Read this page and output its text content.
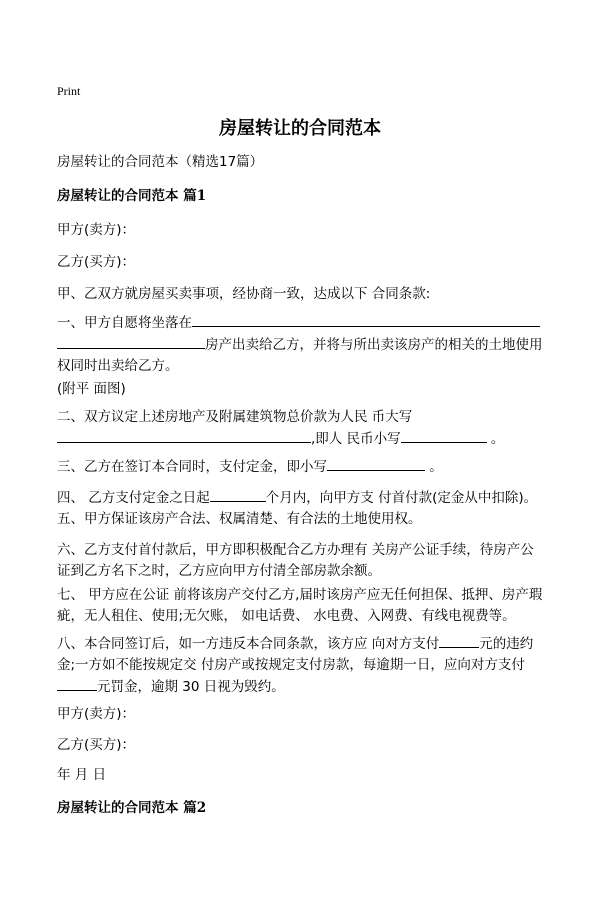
Print
房屋转让的合同范本
房屋转让的合同范本（精选17篇）
房屋转让的合同范本 篇1
甲方(卖方)：
乙方(买方)：
甲、乙双方就房屋买卖事项，经协商一致，达成以下 合同条款:
一、甲方自愿将坐落在
房产出卖给乙方，并将与所出卖该房产的相关的土地使用权同时出卖给乙方。
(附平 面图)
二、双方议定上述房地产及附属建筑物总价款为人民 币大写
,即人 民币小写	。
三、乙方在签订本合同时，支付定金，即小写	。
四、 乙方支付定金之日起	个月内，向甲方支 付首付款(定金从中扣除)。 五、甲方保证该房产合法、权属清楚、有合法的土地使用权。
六、乙方支付首付款后，甲方即积极配合乙方办理有 关房产公证手续，待房产公证到乙方名下之时，乙方应向甲方付清全部房款余额。
七、 甲方应在公证 前将该房产交付乙方,届时该房产应无任何担保、抵押、房产瑕疵，无人租住、使用;无欠账， 如电话费、 水电费、入网费、有线电视费等。
八、本合同签订后，如一方违反本合同条款，该方应 向对方支付	元的违约金;一方如不能按规定交 付房产或按规定支付房款，每逾期一日，应向对方支付元罚金，逾期 30 日视为毁约。
甲方(卖方)：
乙方(买方)：
年 月 日
房屋转让的合同范本 篇2
